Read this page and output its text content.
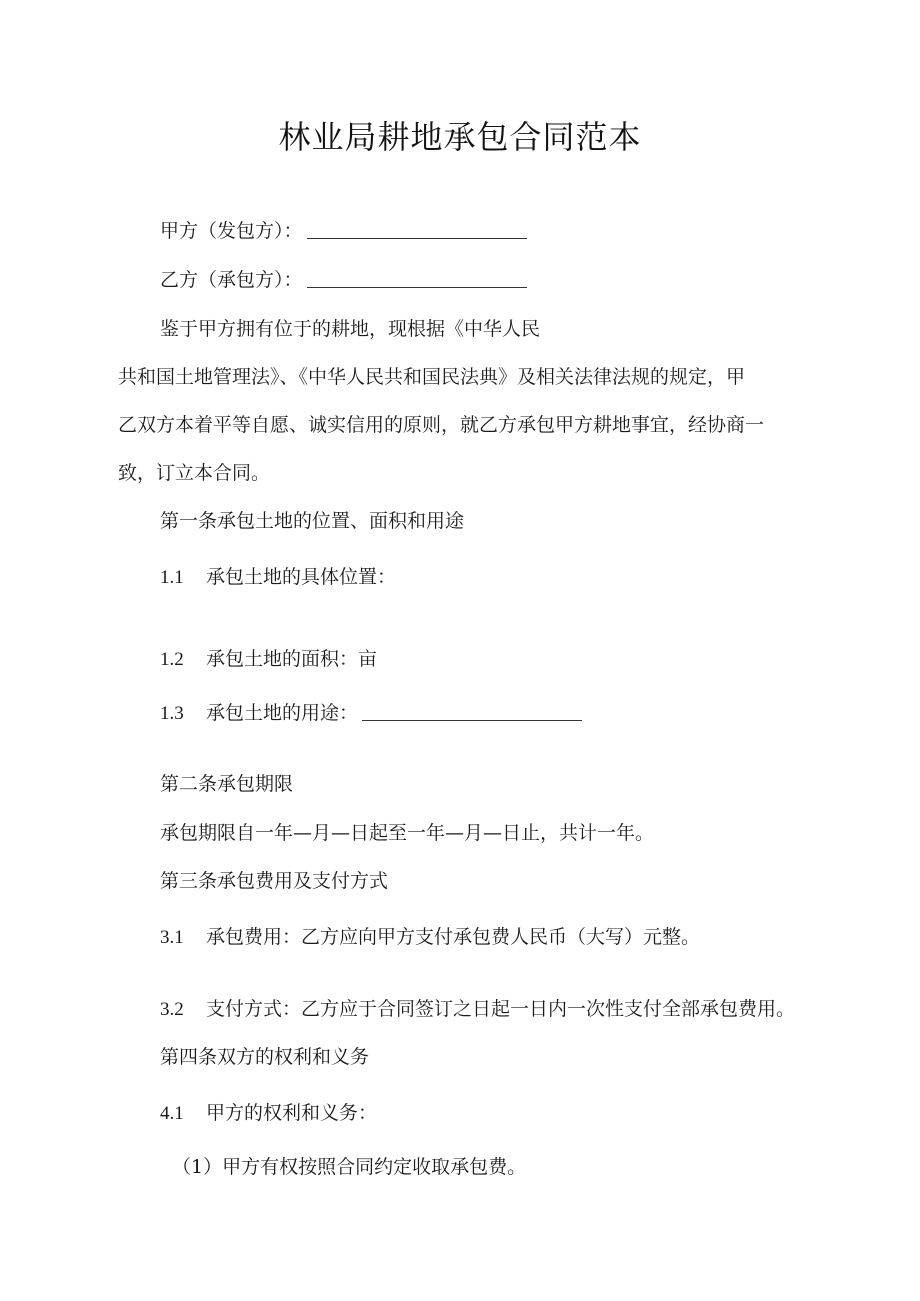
林业局耕地承包合同范本
甲方（发包方）：
乙方（承包方）：
鉴于甲方拥有位于的耕地，现根据《中华人民
共和国土地管理法》、《中华人民共和国民法典》及相关法律法规的规定，甲
乙双方本着平等自愿、诚实信用的原则，就乙方承包甲方耕地事宜，经协商一
致，订立本合同。
第一条承包土地的位置、面积和用途
1.1 承包土地的具体位置：
1.2 承包土地的面积：亩
1.3 承包土地的用途：
第二条承包期限
承包期限自一年—月—日起至一年—月—日止，共计一年。
第三条承包费用及支付方式
3.1 承包费用：乙方应向甲方支付承包费人民币（大写）元整。
3.2 支付方式：乙方应于合同签订之日起一日内一次性支付全部承包费用。
第四条双方的权利和义务
4.1 甲方的权利和义务：
（1）甲方有权按照合同约定收取承包费。
